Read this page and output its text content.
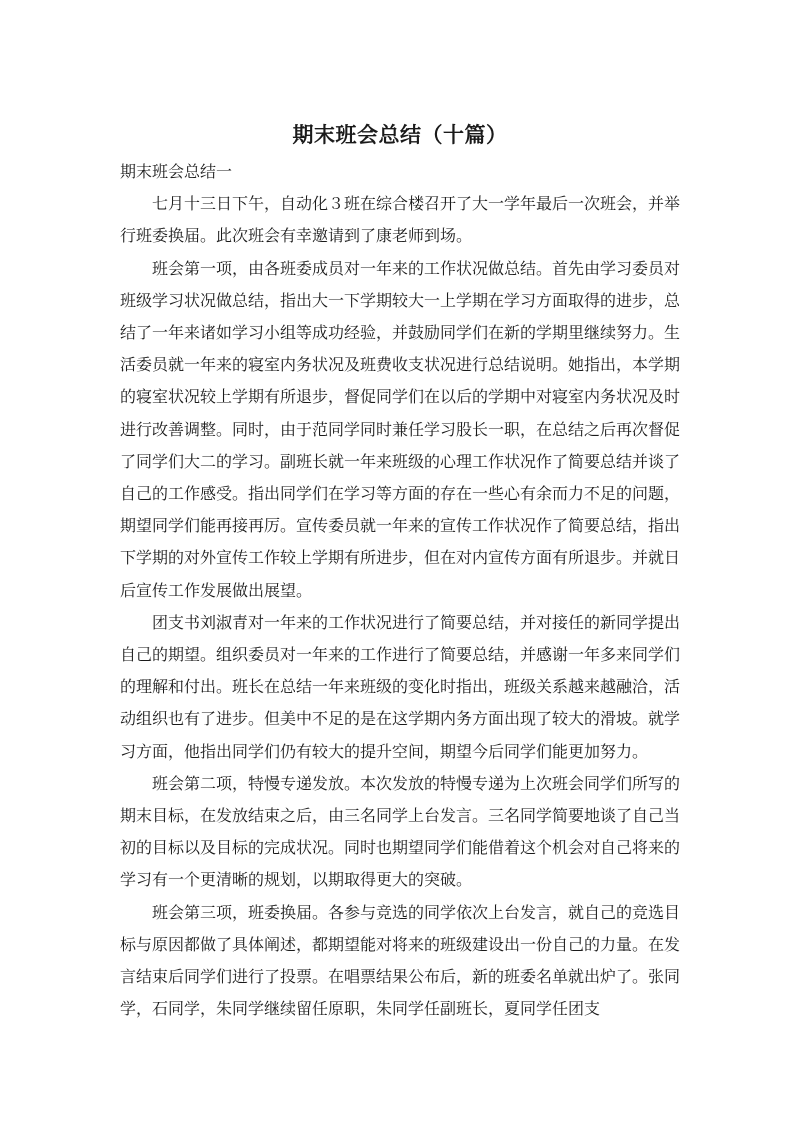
期末班会总结（十篇）

期末班会总结一

七月十三日下午，自动化３班在综合楼召开了大一学年最后一次班会，并举行班委换届。此次班会有幸邀请到了康老师到场。

班会第一项，由各班委成员对一年来的工作状况做总结。首先由学习委员对班级学习状况做总结，指出大一下学期较大一上学期在学习方面取得的进步，总结了一年来诸如学习小组等成功经验，并鼓励同学们在新的学期里继续努力。生活委员就一年来的寝室内务状况及班费收支状况进行总结说明。她指出，本学期的寝室状况较上学期有所退步，督促同学们在以后的学期中对寝室内务状况及时进行改善调整。同时，由于范同学同时兼任学习股长一职，在总结之后再次督促了同学们大二的学习。副班长就一年来班级的心理工作状况作了简要总结并谈了自己的工作感受。指出同学们在学习等方面的存在一些心有余而力不足的问题，期望同学们能再接再厉。宣传委员就一年来的宣传工作状况作了简要总结，指出下学期的对外宣传工作较上学期有所进步，但在对内宣传方面有所退步。并就日后宣传工作发展做出展望。

团支书刘淑青对一年来的工作状况进行了简要总结，并对接任的新同学提出自己的期望。组织委员对一年来的工作进行了简要总结，并感谢一年多来同学们的理解和付出。班长在总结一年来班级的变化时指出，班级关系越来越融洽，活动组织也有了进步。但美中不足的是在这学期内务方面出现了较大的滑坡。就学习方面，他指出同学们仍有较大的提升空间，期望今后同学们能更加努力。

班会第二项，特慢专递发放。本次发放的特慢专递为上次班会同学们所写的期末目标，在发放结束之后，由三名同学上台发言。三名同学简要地谈了自己当初的目标以及目标的完成状况。同时也期望同学们能借着这个机会对自己将来的学习有一个更清晰的规划，以期取得更大的突破。

班会第三项，班委换届。各参与竞选的同学依次上台发言，就自己的竞选目标与原因都做了具体阐述，都期望能对将来的班级建设出一份自己的力量。在发言结束后同学们进行了投票。在唱票结果公布后，新的班委名单就出炉了。张同学，石同学，朱同学继续留任原职，朱同学任副班长，夏同学任团支
